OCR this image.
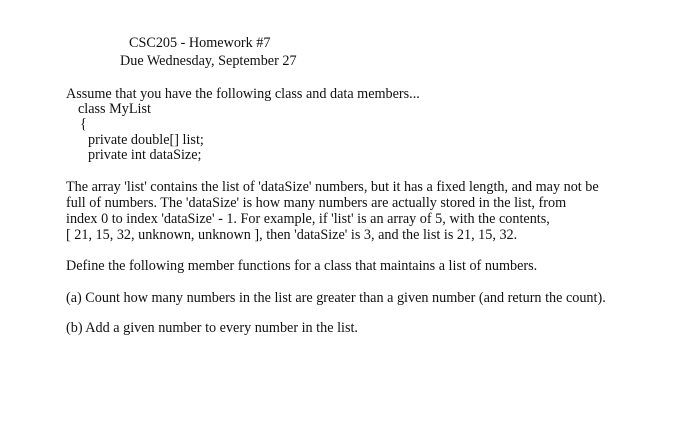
CSC205 - Homework #7
Due Wednesday, September 27
Assume that you have the following class and data members...
class MyList
{
private double[] list;
private int dataSize;
The array 'list' contains the list of 'dataSize' numbers, but it has a fixed length, and may not be
full of numbers. The 'dataSize' is how many numbers are actually stored in the list, from
index 0 to index 'dataSize' - 1. For example, if 'list' is an array of 5, with the contents,
[ 21, 15, 32, unknown, unknown ], then 'dataSize' is 3, and the list is 21, 15, 32.
Define the following member functions for a class that maintains a list of numbers.
(a) Count how many numbers in the list are greater than a given number (and return the count).
(b) Add a given number to every number in the list.
